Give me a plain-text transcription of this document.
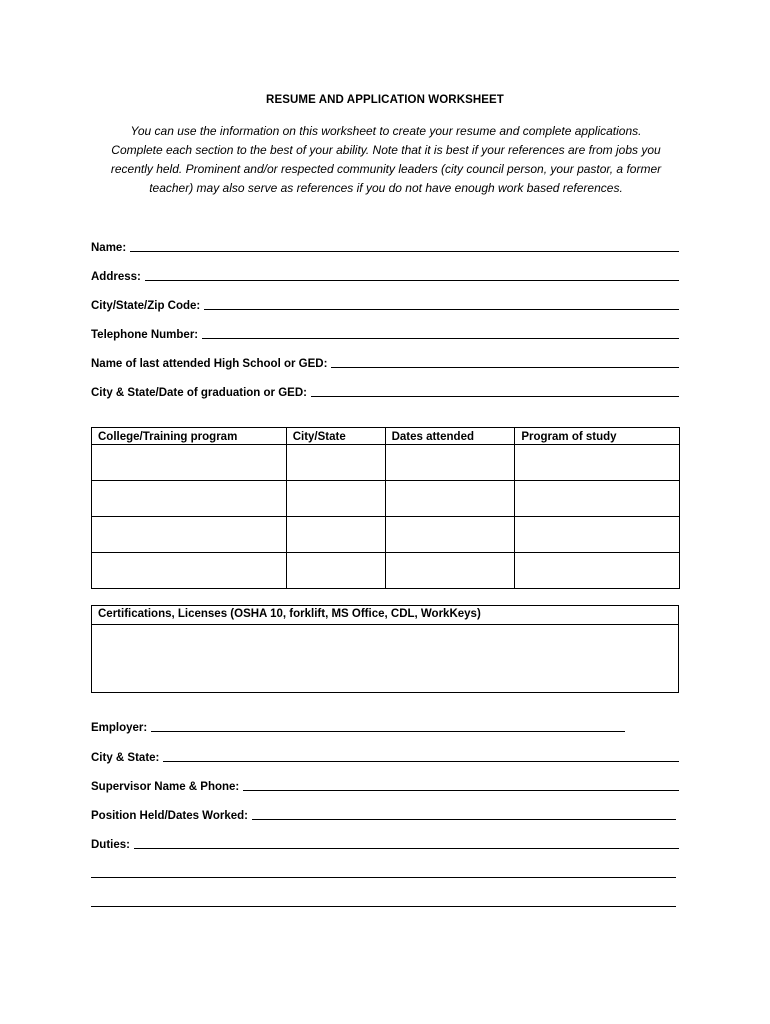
RESUME AND APPLICATION WORKSHEET
You can use the information on this worksheet to create your resume and complete applications.
Complete each section to the best of your ability. Note that it is best if your references are from jobs you
recently held. Prominent and/or respected community leaders (city council person, your pastor, a former
teacher) may also serve as references if you do not have enough work based references.
Name:
Address:
City/State/Zip Code:
Telephone Number:
Name of last attended High School or GED:
City & State/Date of graduation or GED:
College/Training program	City/State	Dates attended	Program of study

Certifications, Licenses (OSHA 10, forklift, MS Office, CDL, WorkKeys)
Employer:
City & State:
Supervisor Name & Phone:
Position Held/Dates Worked:
Duties:
